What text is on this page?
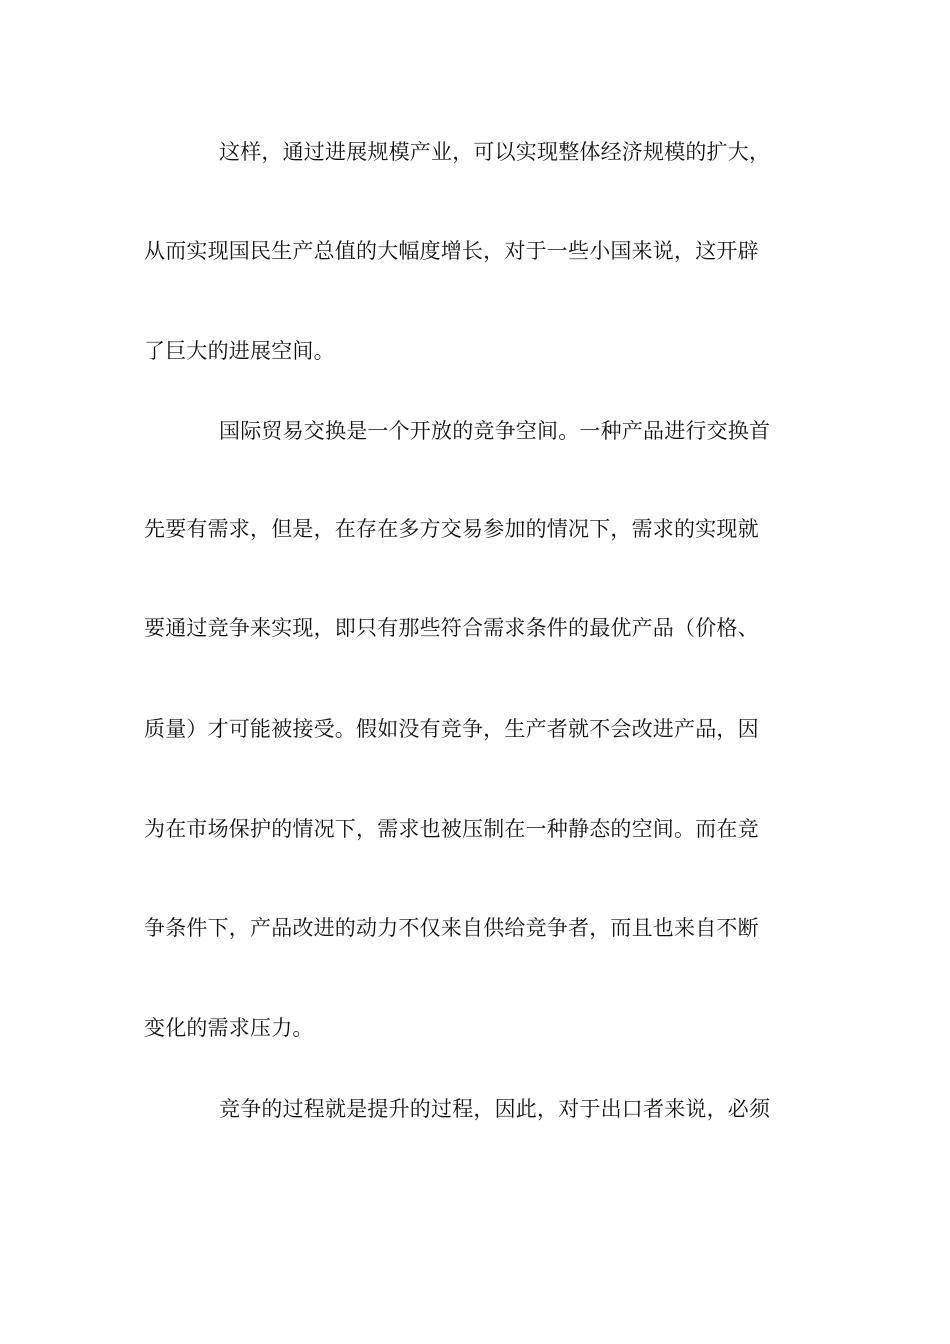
这样，通过进展规模产业，可以实现整体经济规模的扩大，
从而实现国民生产总值的大幅度增长，对于一些小国来说，这开辟
了巨大的进展空间。
国际贸易交换是一个开放的竞争空间。一种产品进行交换首
先要有需求，但是，在存在多方交易参加的情况下，需求的实现就
要通过竞争来实现，即只有那些符合需求条件的最优产品（价格、
质量）才可能被接受。假如没有竞争，生产者就不会改进产品，因
为在市场保护的情况下，需求也被压制在一种静态的空间。而在竞
争条件下，产品改进的动力不仅来自供给竞争者，而且也来自不断
变化的需求压力。
竞争的过程就是提升的过程，因此，对于出口者来说，必须
